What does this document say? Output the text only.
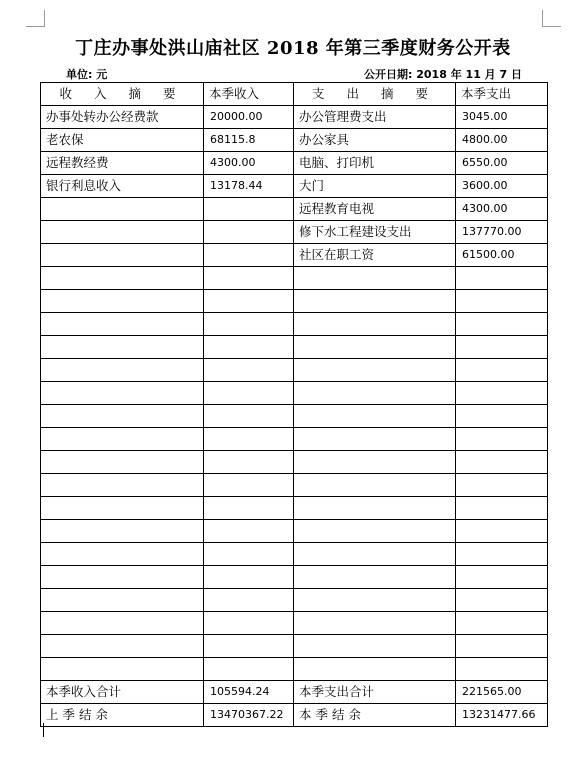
丁庄办事处洪山庙社区 2018 年第三季度财务公开表
单位: 元	公开日期: 2018 年 11 月 7 日
收 入 摘 要	本季收入	支 出 摘 要	本季支出
办事处转办公经费款	20000.00	办公管理费支出	3045.00
老农保	68115.8	办公家具	4800.00
远程教经费	4300.00	电脑、打印机	6550.00
银行利息收入	13178.44	大门	3600.00
		远程教育电视	4300.00
		修下水工程建设支出	137770.00
		社区在职工资	61500.00

本季收入合计	105594.24	本季支出合计	221565.00
上 季 结 余	13470367.22	本 季 结 余	13231477.66
